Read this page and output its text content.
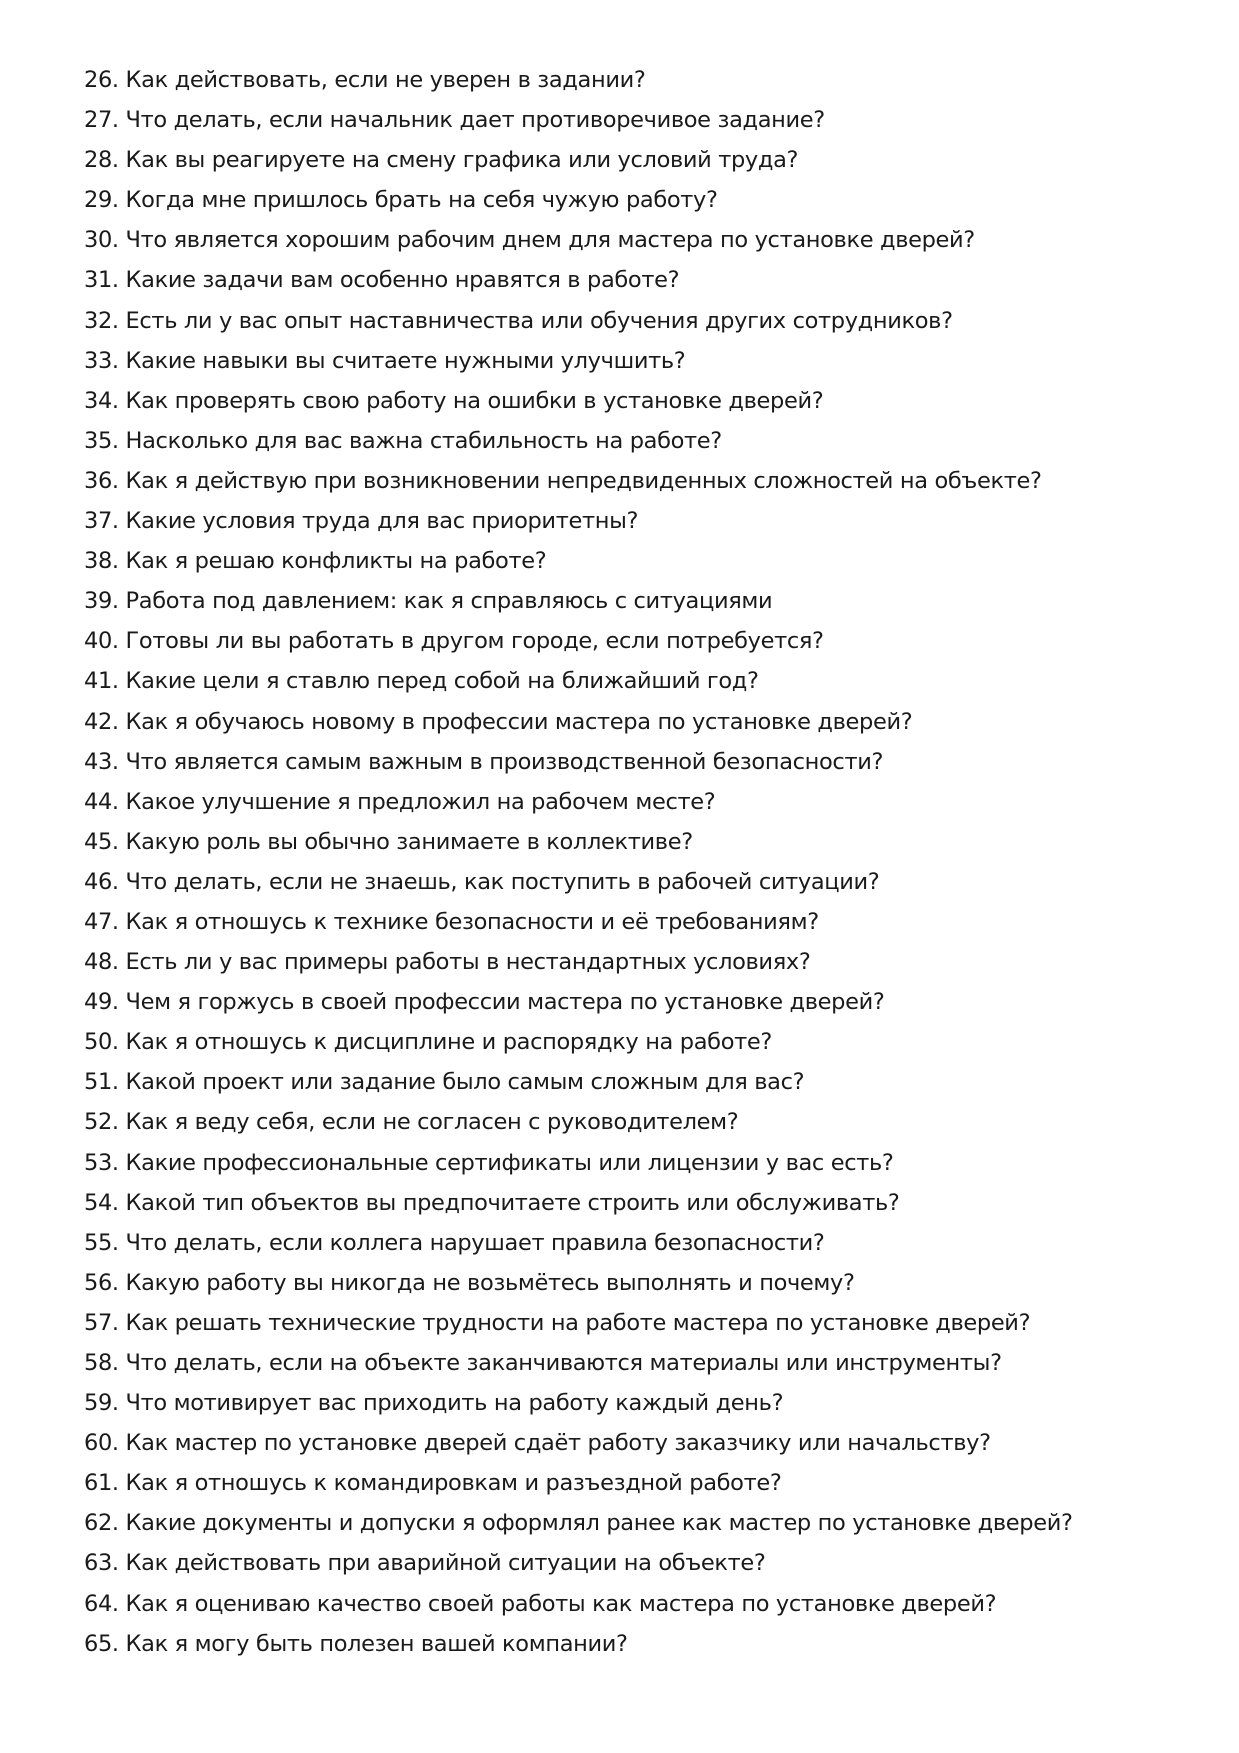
26. Как действовать, если не уверен в задании?
27. Что делать, если начальник дает противоречивое задание?
28. Как вы реагируете на смену графика или условий труда?
29. Когда мне пришлось брать на себя чужую работу?
30. Что является хорошим рабочим днем для мастера по установке дверей?
31. Какие задачи вам особенно нравятся в работе?
32. Есть ли у вас опыт наставничества или обучения других сотрудников?
33. Какие навыки вы считаете нужными улучшить?
34. Как проверять свою работу на ошибки в установке дверей?
35. Насколько для вас важна стабильность на работе?
36. Как я действую при возникновении непредвиденных сложностей на объекте?
37. Какие условия труда для вас приоритетны?
38. Как я решаю конфликты на работе?
39. Работа под давлением: как я справляюсь с ситуациями
40. Готовы ли вы работать в другом городе, если потребуется?
41. Какие цели я ставлю перед собой на ближайший год?
42. Как я обучаюсь новому в профессии мастера по установке дверей?
43. Что является самым важным в производственной безопасности?
44. Какое улучшение я предложил на рабочем месте?
45. Какую роль вы обычно занимаете в коллективе?
46. Что делать, если не знаешь, как поступить в рабочей ситуации?
47. Как я отношусь к технике безопасности и её требованиям?
48. Есть ли у вас примеры работы в нестандартных условиях?
49. Чем я горжусь в своей профессии мастера по установке дверей?
50. Как я отношусь к дисциплине и распорядку на работе?
51. Какой проект или задание было самым сложным для вас?
52. Как я веду себя, если не согласен с руководителем?
53. Какие профессиональные сертификаты или лицензии у вас есть?
54. Какой тип объектов вы предпочитаете строить или обслуживать?
55. Что делать, если коллега нарушает правила безопасности?
56. Какую работу вы никогда не возьмётесь выполнять и почему?
57. Как решать технические трудности на работе мастера по установке дверей?
58. Что делать, если на объекте заканчиваются материалы или инструменты?
59. Что мотивирует вас приходить на работу каждый день?
60. Как мастер по установке дверей сдаёт работу заказчику или начальству?
61. Как я отношусь к командировкам и разъездной работе?
62. Какие документы и допуски я оформлял ранее как мастер по установке дверей?
63. Как действовать при аварийной ситуации на объекте?
64. Как я оцениваю качество своей работы как мастера по установке дверей?
65. Как я могу быть полезен вашей компании?
